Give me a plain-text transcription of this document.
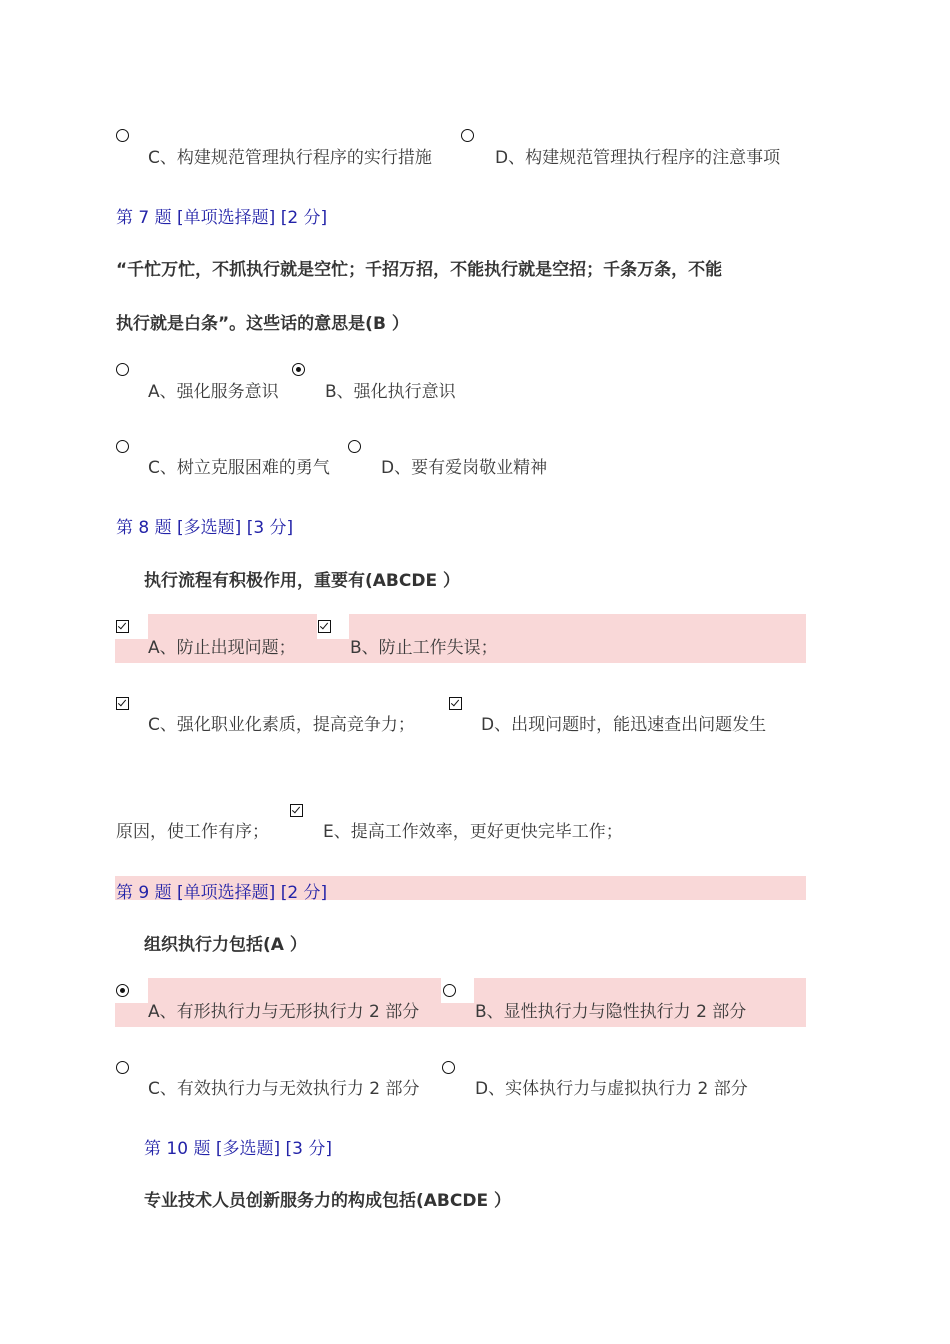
C、构建规范管理执行程序的实行措施	D、构建规范管理执行程序的注意事项
第 7 题 [单项选择题] [2 分]
“千忙万忙，不抓执行就是空忙；千招万招，不能执行就是空招；千条万条，不能
执行就是白条”。这些话的意思是(B ）
A、强化服务意识	B、强化执行意识
C、树立克服困难的勇气	D、要有爱岗敬业精神
第 8 题 [多选题] [3 分]
执行流程有积极作用，重要有(ABCDE ）
A、防止出现问题；	B、防止工作失误；
C、强化职业化素质，提高竞争力；	D、出现问题时，能迅速查出问题发生
原因，使工作有序；	E、提高工作效率，更好更快完毕工作；
第 9 题 [单项选择题] [2 分]
组织执行力包括(A ）
A、有形执行力与无形执行力 2 部分	B、显性执行力与隐性执行力 2 部分
C、有效执行力与无效执行力 2 部分	D、实体执行力与虚拟执行力 2 部分
第 10 题 [多选题] [3 分]
专业技术人员创新服务力的构成包括(ABCDE ）
